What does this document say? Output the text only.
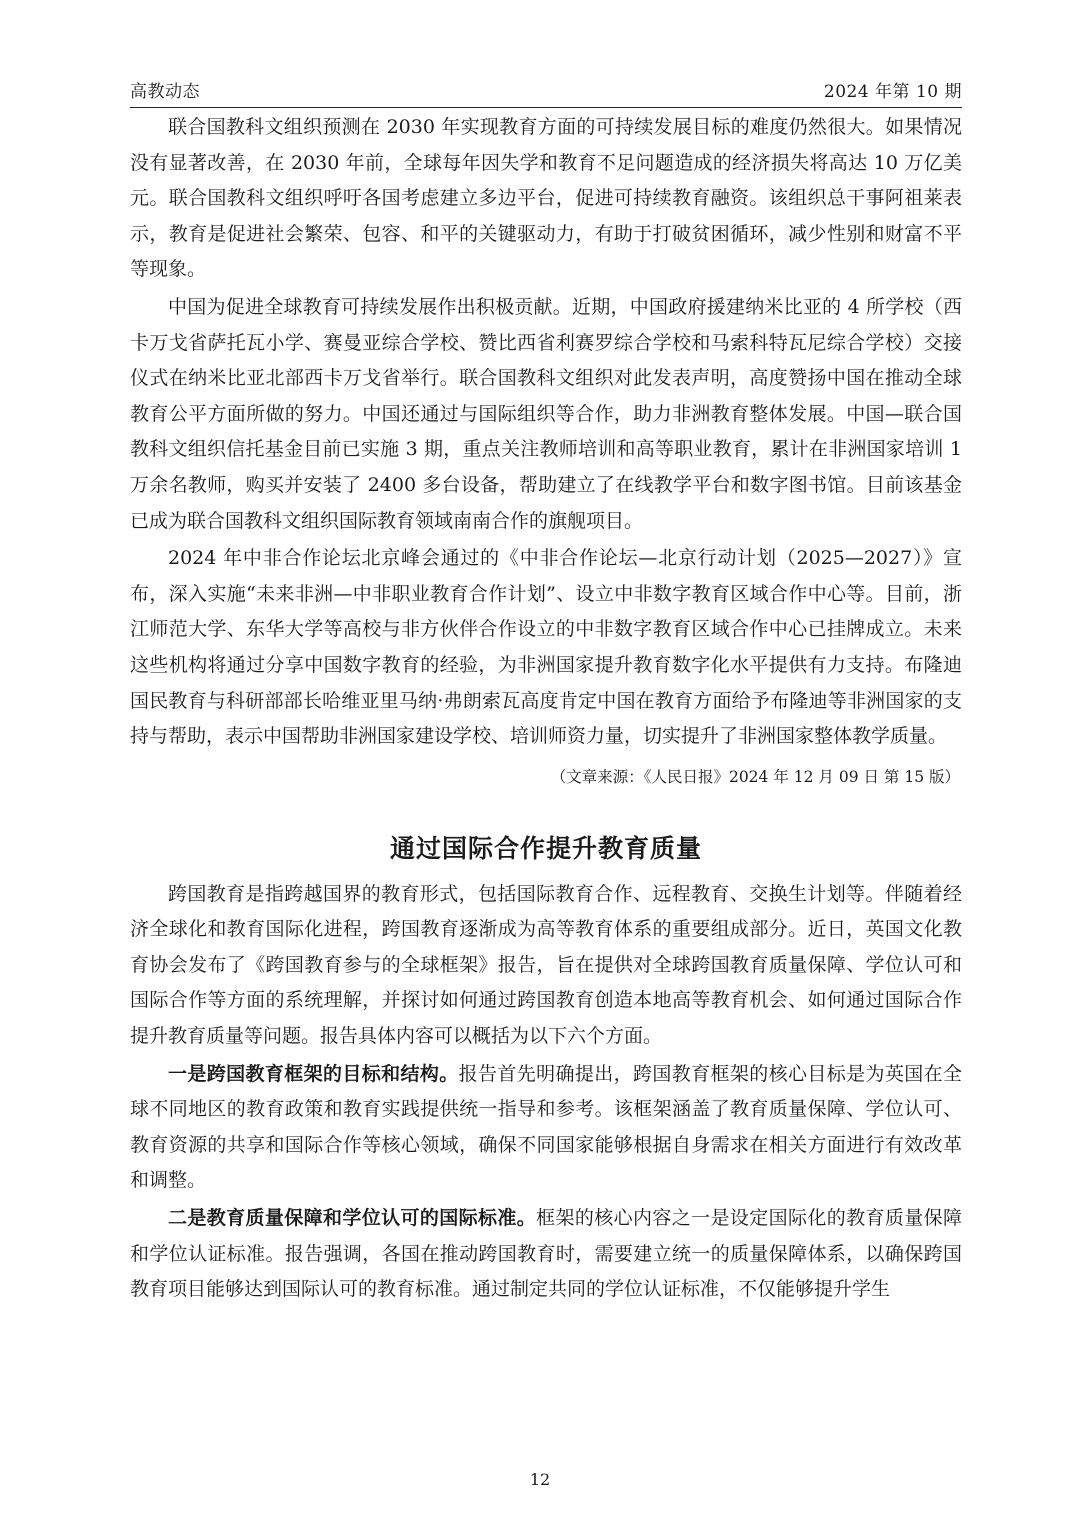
高教动态	2024 年第 10 期

联合国教科文组织预测在 2030 年实现教育方面的可持续发展目标的难度仍然很大。如果情况没有显著改善，在 2030 年前，全球每年因失学和教育不足问题造成的经济损失将高达 10 万亿美元。联合国教科文组织呼吁各国考虑建立多边平台，促进可持续教育融资。该组织总干事阿祖莱表示，教育是促进社会繁荣、包容、和平的关键驱动力，有助于打破贫困循环，减少性别和财富不平等现象。

中国为促进全球教育可持续发展作出积极贡献。近期，中国政府援建纳米比亚的 4 所学校（西卡万戈省萨托瓦小学、赛曼亚综合学校、赞比西省利赛罗综合学校和马索科特瓦尼综合学校）交接仪式在纳米比亚北部西卡万戈省举行。联合国教科文组织对此发表声明，高度赞扬中国在推动全球教育公平方面所做的努力。中国还通过与国际组织等合作，助力非洲教育整体发展。中国—联合国教科文组织信托基金目前已实施 3 期，重点关注教师培训和高等职业教育，累计在非洲国家培训 1 万余名教师，购买并安装了 2400 多台设备，帮助建立了在线教学平台和数字图书馆。目前该基金已成为联合国教科文组织国际教育领域南南合作的旗舰项目。

2024 年中非合作论坛北京峰会通过的《中非合作论坛—北京行动计划（2025—2027）》宣布，深入实施“未来非洲—中非职业教育合作计划”、设立中非数字教育区域合作中心等。目前，浙江师范大学、东华大学等高校与非方伙伴合作设立的中非数字教育区域合作中心已挂牌成立。未来这些机构将通过分享中国数字教育的经验，为非洲国家提升教育数字化水平提供有力支持。布隆迪国民教育与科研部部长哈维亚里马纳·弗朗索瓦高度肯定中国在教育方面给予布隆迪等非洲国家的支持与帮助，表示中国帮助非洲国家建设学校、培训师资力量，切实提升了非洲国家整体教学质量。

（文章来源：《人民日报》2024 年 12 月 09 日 第 15 版）

通过国际合作提升教育质量

跨国教育是指跨越国界的教育形式，包括国际教育合作、远程教育、交换生计划等。伴随着经济全球化和教育国际化进程，跨国教育逐渐成为高等教育体系的重要组成部分。近日，英国文化教育协会发布了《跨国教育参与的全球框架》报告，旨在提供对全球跨国教育质量保障、学位认可和国际合作等方面的系统理解，并探讨如何通过跨国教育创造本地高等教育机会、如何通过国际合作提升教育质量等问题。报告具体内容可以概括为以下六个方面。

一是跨国教育框架的目标和结构。报告首先明确提出，跨国教育框架的核心目标是为英国在全球不同地区的教育政策和教育实践提供统一指导和参考。该框架涵盖了教育质量保障、学位认可、教育资源的共享和国际合作等核心领域，确保不同国家能够根据自身需求在相关方面进行有效改革和调整。

二是教育质量保障和学位认可的国际标准。框架的核心内容之一是设定国际化的教育质量保障和学位认证标准。报告强调，各国在推动跨国教育时，需要建立统一的质量保障体系，以确保跨国教育项目能够达到国际认可的教育标准。通过制定共同的学位认证标准，不仅能够提升学生

12
